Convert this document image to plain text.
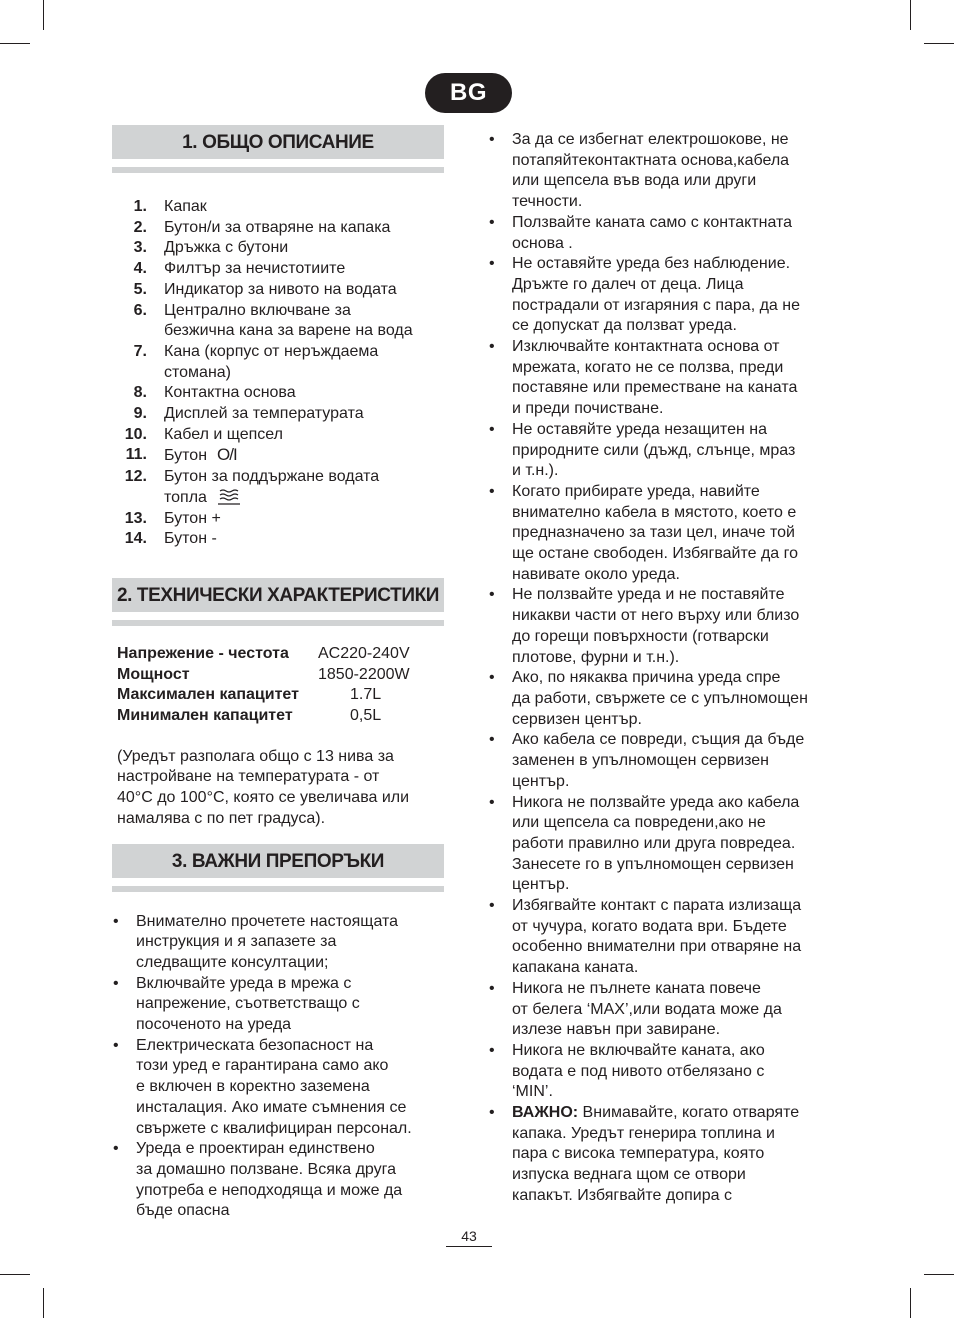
BG
1. ОБЩО ОПИСАНИЕ
1. Капак
2. Бутон/и за отваряне на капака
3. Дръжка с бутони
4. Филтър за нечистотиите
5. Индикатор за нивото на водата
6. Централно включване за
безжична кана за варене на вода
7. Кана (корпус от неръждаема
стомана)
8. Контактна основа
9. Дисплей за температурата
10. Кабел и щепсел
11. Бутон O/I
12. Бутон за поддържане водата
топла
13. Бутон +
14. Бутон -
2. ТЕХНИЧЕСКИ ХАРАКТЕРИСТИКИ
Напрежение - честота AC220-240V
Мощност	1850-2200W
Максимален капацитет	1.7L
Минимален капацитет	0,5L
(Уредът разполага общо с 13 нива за
настройване на температурата - от
40°C до 100°C, която се увеличава или
намалява с по пет градуса).
3. ВАЖНИ ПРЕПОРЪКИ
• Внимателно прочетете настоящата
инструкция и я запазете за
следващите консултации;
• Включвайте уреда в мрежа с
напрежение, съответстващо с
посоченото на уреда
• Електрическата безопасност на
този уред е гарантирана само ако
е включен в коректно заземена
инсталация. Ако имате съмнения се
свържете с квалифициран персонал.
• Уреда е проектиран единствено
за домашно ползване. Всяка друга
употреба е неподходяща и може да
бъде опасна
• За да се избегнат електрошокове, не
потапяйтеконтактната основа,кабела
или щепсела във вода или други
течности.
• Ползвайте каната само с контактната
основа .
• Не оставяйте уреда без наблюдение.
Дръжте го далеч от деца. Лица
пострадали от изгаряния с пара, да не
се допускат да ползват уреда.
• Изключвайте контактната основа от
мрежата, когато не се ползва, преди
поставяне или преместване на каната
и преди почистване.
• Не оставяйте уреда незащитен на
природните сили (дъжд, слънце, мраз
и т.н.).
• Когато прибирате уреда, навийте
внимателно кабела в мястото, което е
предназначено за тази цел, иначе той
ще остане свободен. Избягвайте да го
навивате около уреда.
• Не ползвайте уреда и не поставяйте
никакви части от него върху или близо
до горещи повърхности (готварски
плотове, фурни и т.н.).
• Ако, по някаква причина уреда спре
да работи, свържете се с упълномощен
сервизен център.
• Ако кабела се повреди, същия да бъде
заменен в упълномощен сервизен
център.
• Никога не ползвайте уреда ако кабела
или щепсела са повредени,ако не
работи правилно или друга повредеа.
Занесете го в упълномощен сервизен
център.
• Избягвайте контакт с парата излизаща
от чучура, когато водата ври. Бъдете
особенно внимателни при отваряне на
капакана каната.
• Никога не пълнете каната повече
от белега ‘MAX’,или водата може да
излезе навън при завиране.
• Никога не включвайте каната, ако
водата е под нивото отбелязано с
‘MIN’.
• ВАЖНО: Внимавайте, когато отваряте
капака. Уредът генерира топлина и
пара с висока температура, която
изпуска веднага щом се отвори
капакът. Избягвайте допира с
43
